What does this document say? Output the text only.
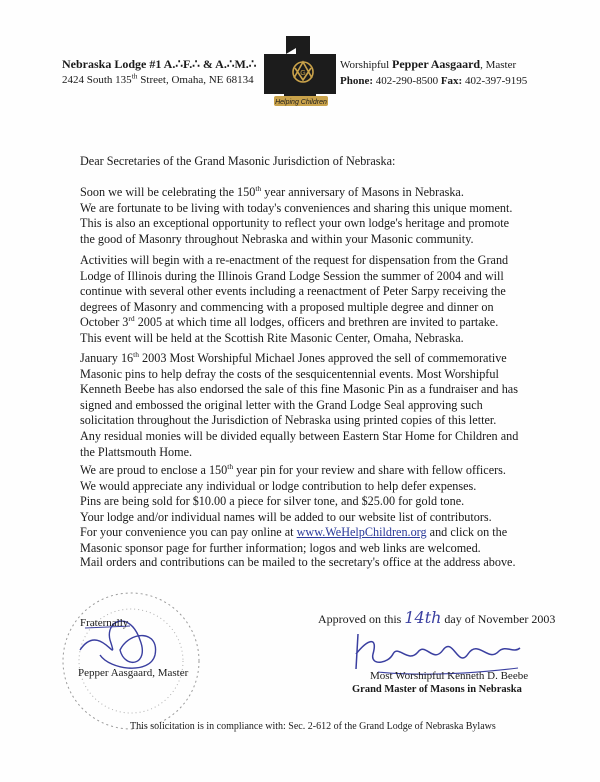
Nebraska Lodge #1 A.∴F.∴ & A.∴M.∴
2424 South 135th Street, Omaha, NE 68134
G
Helping Children
Worshipful Pepper Aasgaard, Master
Phone: 402-290-8500 Fax: 402-397-9195

Dear Secretaries of the Grand Masonic Jurisdiction of Nebraska:

Soon we will be celebrating the 150th year anniversary of Masons in Nebraska.

We are fortunate to be living with today's conveniences and sharing this unique moment.

This is also an exceptional opportunity to reflect your own lodge's heritage and promote

the good of Masonry throughout Nebraska and within your Masonic community.

Activities will begin with a re-enactment of the request for dispensation from the Grand

Lodge of Illinois during the Illinois Grand Lodge Session the summer of 2004 and will

continue with several other events including a reenactment of Peter Sarpy receiving the

degrees of Masonry and commencing with a proposed multiple degree and dinner on

October 3rd 2005 at which time all lodges, officers and brethren are invited to partake.

This event will be held at the Scottish Rite Masonic Center, Omaha, Nebraska.

January 16th 2003 Most Worshipful Michael Jones approved the sell of commemorative

Masonic pins to help defray the costs of the sesquicentennial events. Most Worshipful

Kenneth Beebe has also endorsed the sale of this fine Masonic Pin as a fundraiser and has

signed and embossed the original letter with the Grand Lodge Seal approving such

solicitation throughout the Jurisdiction of Nebraska using printed copies of this letter.

Any residual monies will be divided equally between Eastern Star Home for Children and

the Plattsmouth Home.

We are proud to enclose a 150th year pin for your review and share with fellow officers.

We would appreciate any individual or lodge contribution to help defer expenses.

Pins are being sold for $10.00 a piece for silver tone, and $25.00 for gold tone.

Your lodge and/or individual names will be added to our website list of contributors.

For your convenience you can pay online at www.WeHelpChildren.org and click on the

Masonic sponsor page for further information; logos and web links are welcomed.

Mail orders and contributions can be mailed to the secretary's office at the address above.

Fraternally
Pepper Aasgaard, Master
Approved on this 14th day of November 2003
Most Worshipful Kenneth D. Beebe
Grand Master of Masons in Nebraska
This solicitation is in compliance with: Sec. 2-612 of the Grand Lodge of Nebraska Bylaws
